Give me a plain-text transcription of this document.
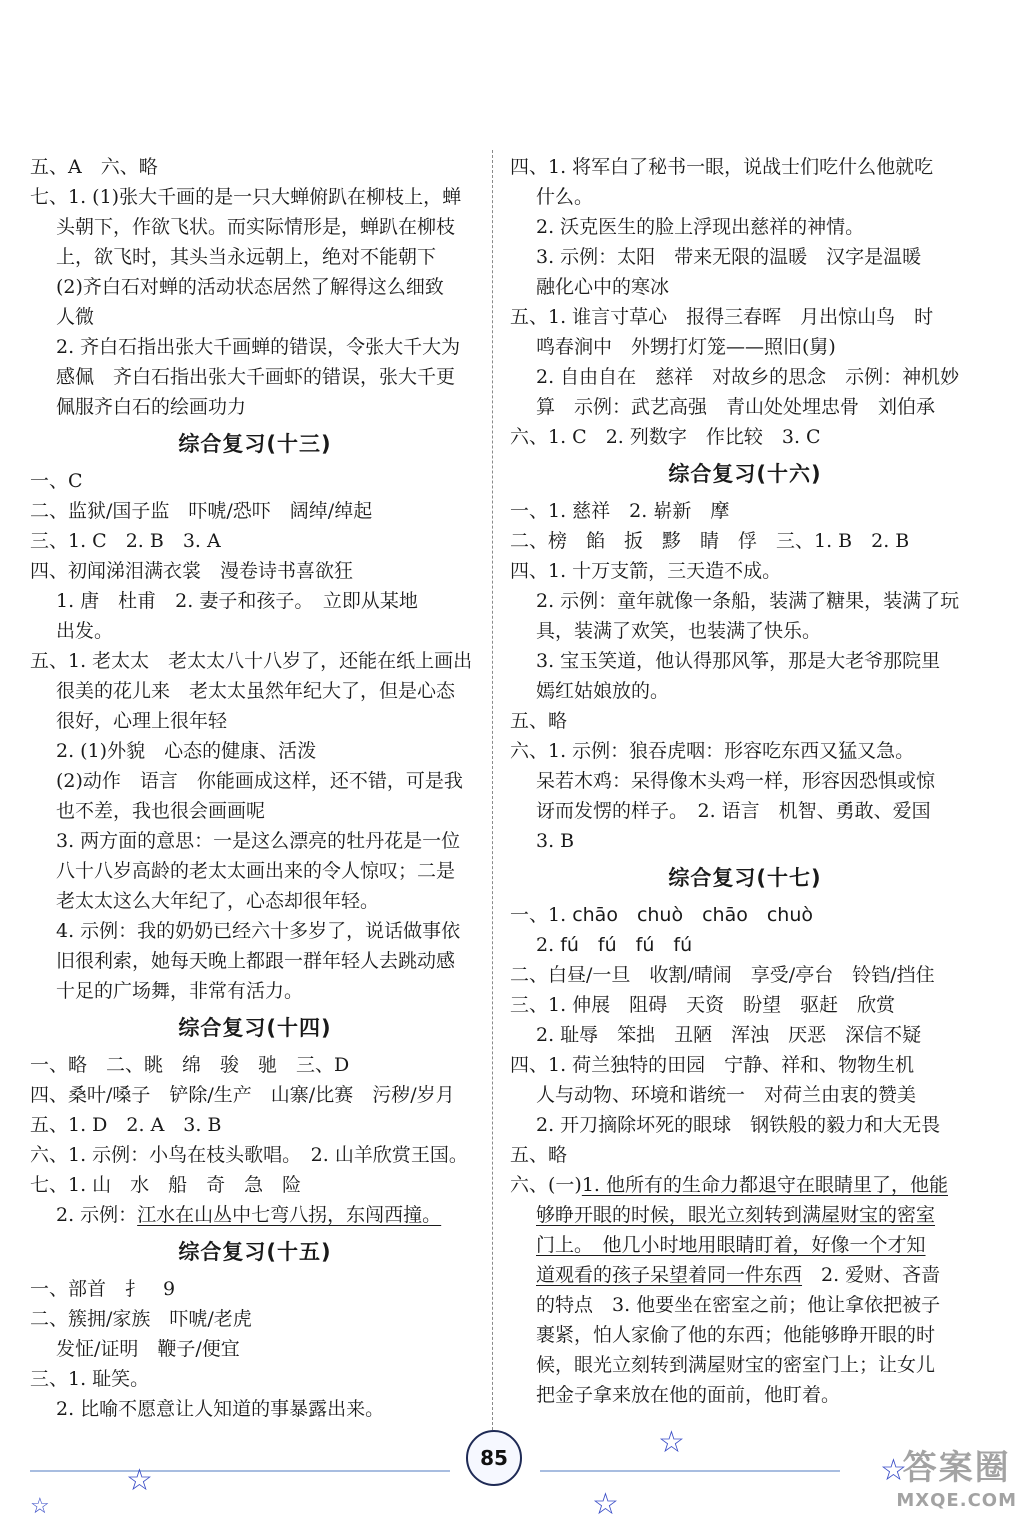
五、A　六、略
七、1. (1)张大千画的是一只大蝉俯趴在柳枝上，蝉
头朝下，作欲飞状。而实际情形是，蝉趴在柳枝
上，欲飞时，其头当永远朝上，绝对不能朝下
(2)齐白石对蝉的活动状态居然了解得这么细致
人微
2. 齐白石指出张大千画蝉的错误，令张大千大为
感佩　齐白石指出张大千画虾的错误，张大千更
佩服齐白石的绘画功力
综合复习(十三)
一、C
二、监狱/国子监　吓唬/恐吓　阔绰/绰起
三、1. C　2. B　3. A
四、初闻涕泪满衣裳　漫卷诗书喜欲狂
1. 唐　杜甫　2. 妻子和孩子。　立即从某地
出发。
五、1. 老太太　老太太八十八岁了，还能在纸上画出
很美的花儿来　老太太虽然年纪大了，但是心态
很好，心理上很年轻
2. (1)外貌　心态的健康、活泼
(2)动作　语言　你能画成这样，还不错，可是我
也不差，我也很会画画呢
3. 两方面的意思：一是这么漂亮的牡丹花是一位
八十八岁高龄的老太太画出来的令人惊叹；二是
老太太这么大年纪了，心态却很年轻。
4. 示例：我的奶奶已经六十多岁了，说话做事依
旧很利索，她每天晚上都跟一群年轻人去跳动感
十足的广场舞，非常有活力。
综合复习(十四)
一、略　二、眺　绵　骏　驰　三、D
四、桑叶/嗓子　铲除/生产　山寨/比赛　污秽/岁月
五、1. D　2. A　3. B
六、1. 示例：小鸟在枝头歌唱。　2. 山羊欣赏王国。
七、1. 山　水　船　奇　急　险
2. 示例：江水在山丛中七弯八拐，东闯西撞。
综合复习(十五)
一、部首　扌　9
二、簇拥/家族　吓唬/老虎
发怔/证明　鞭子/便宜
三、1. 耻笑。
2. 比喻不愿意让人知道的事暴露出来。
四、1. 将军白了秘书一眼，说战士们吃什么他就吃
什么。
2. 沃克医生的脸上浮现出慈祥的神情。
3. 示例：太阳　带来无限的温暖　汉字是温暖
融化心中的寒冰
五、1. 谁言寸草心　报得三春晖　月出惊山鸟　时
鸣春涧中　外甥打灯笼——照旧(舅)
2. 自由自在　慈祥　对故乡的思念　示例：神机妙
算　示例：武艺高强　青山处处埋忠骨　刘伯承
六、1. C　2. 列数字　作比较　3. C
综合复习(十六)
一、1. 慈祥　2. 崭新　摩
二、榜　餡　扳　黟　睛　俘　三、1. B　2. B
四、1. 十万支箭，三天造不成。
2. 示例：童年就像一条船，装满了糖果，装满了玩
具，装满了欢笑，也装满了快乐。
3. 宝玉笑道，他认得那风筝，那是大老爷那院里
嫣红姑娘放的。
五、略
六、1. 示例：狼吞虎咽：形容吃东西又猛又急。
呆若木鸡：呆得像木头鸡一样，形容因恐惧或惊
讶而发愣的样子。　2. 语言　机智、勇敢、爱国
3. B
综合复习(十七)
一、1. chāo　chuò　chāo　chuò
2. fú　fú　fú　fú
二、白昼/一旦　收割/晴闹　享受/亭台　铃铛/挡住
三、1. 伸展　阻碍　天资　盼望　驱赶　欣赏
2. 耻辱　笨拙　丑陋　浑浊　厌恶　深信不疑
四、1. 荷兰独特的田园　宁静、祥和、物物生机
人与动物、环境和谐统一　对荷兰由衷的赞美
2. 开刀摘除坏死的眼球　钢铁般的毅力和大无畏
五、略
六、(一)1. 他所有的生命力都退守在眼睛里了，他能
够睁开眼的时候，眼光立刻转到满屋财宝的密室
门上。　他几小时地用眼睛盯着，好像一个才知
道观看的孩子呆望着同一件东西　2. 爱财、吝啬
的特点　3. 他要坐在密室之前；他让拿依把被子
裹紧，怕人家偷了他的东西；他能够睁开眼的时
候，眼光立刻转到满屋财宝的密室门上；让女儿
把金子拿来放在他的面前，他盯着。
85
☆
☆
☆
☆
☆
答案圈
MXQE.COM
